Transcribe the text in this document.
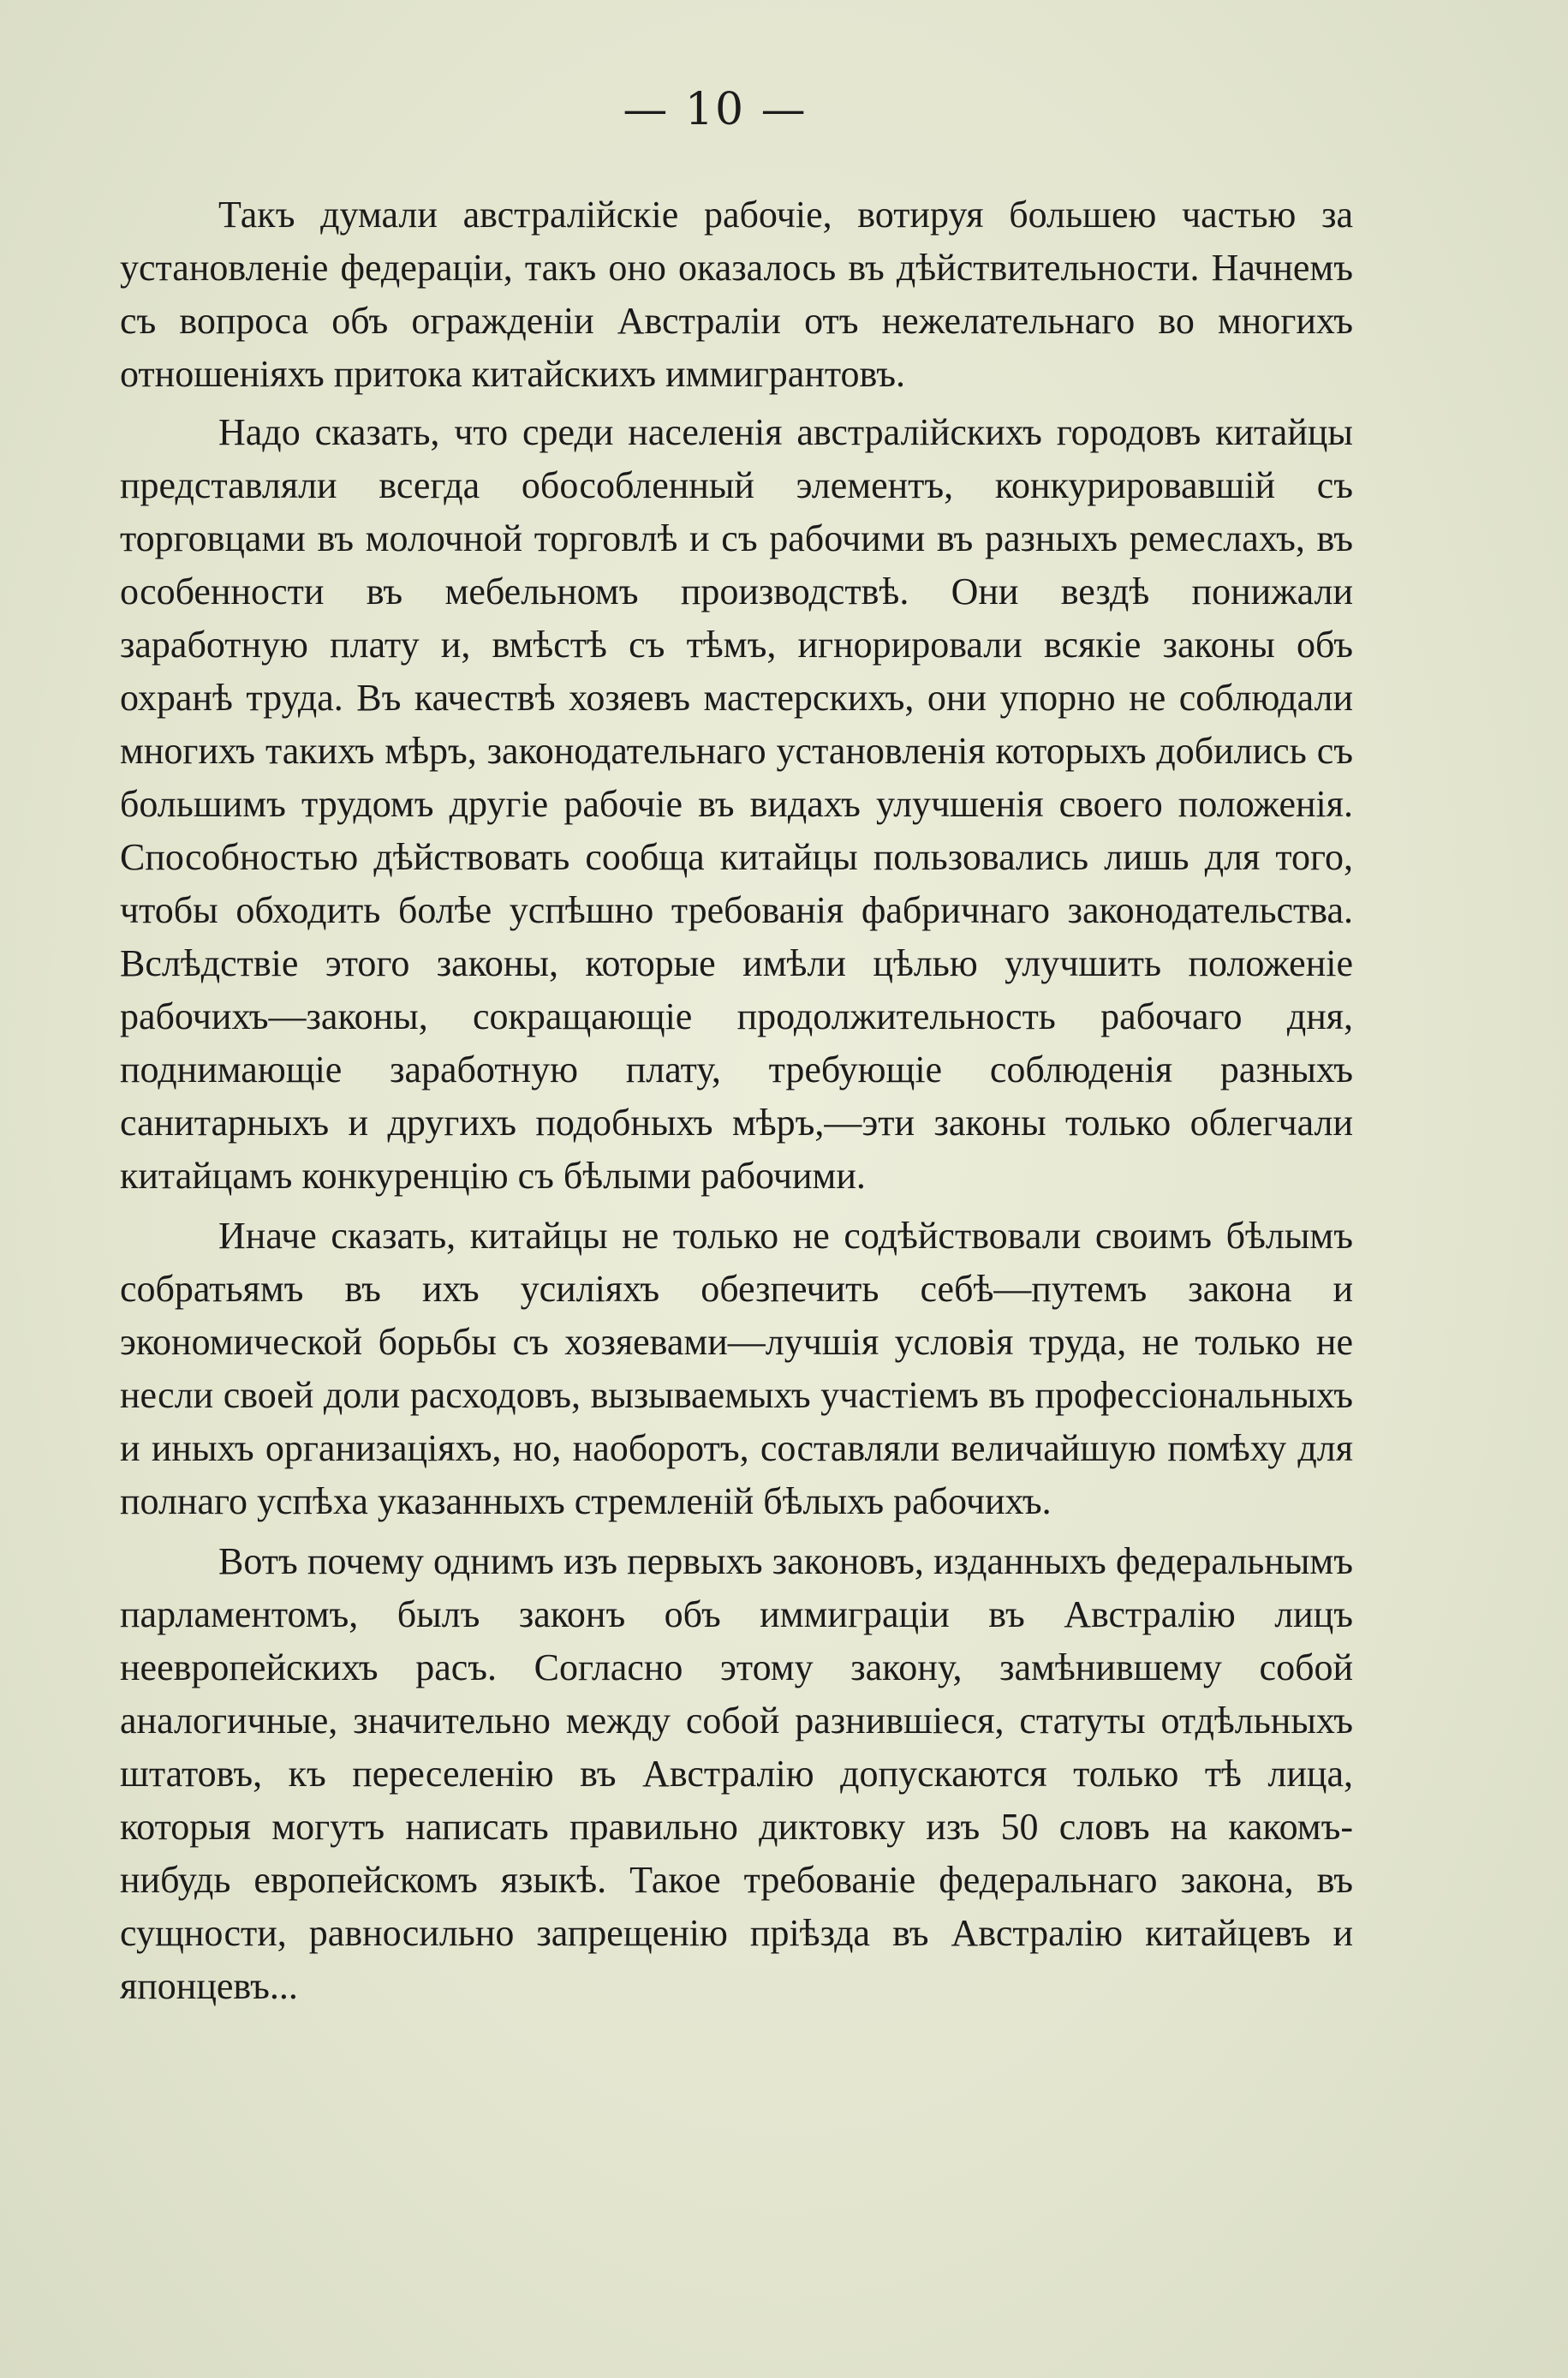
— 10 —

Такъ думали австралійскіе рабочіе, вотируя большею частью за установленіе федераціи, такъ оно оказалось въ дѣйствительности. Начнемъ съ вопроса объ огражденіи Австраліи отъ нежелательнаго во многихъ отношеніяхъ притока китайскихъ иммигрантовъ.

Надо сказать, что среди населенія австралійскихъ городовъ китайцы представляли всегда обособленный элементъ, конкурировавшій съ торговцами въ молочной торговлѣ и съ рабочими въ разныхъ ремеслахъ, въ особенности въ мебельномъ производствѣ. Они вездѣ понижали заработную плату и, вмѣстѣ съ тѣмъ, игнорировали всякіе законы объ охранѣ труда. Въ качествѣ хозяевъ мастерскихъ, они упорно не соблюдали многихъ такихъ мѣръ, законодательнаго установленія которыхъ добились съ большимъ трудомъ другіе рабочіе въ видахъ улучшенія своего положенія. Способностью дѣйствовать сообща китайцы пользовались лишь для того, чтобы обходить болѣе успѣшно требованія фабричнаго законодательства. Вслѣдствіе этого законы, которые имѣли цѣлью улучшить положеніе рабочихъ—законы, сокращающіе продолжительность рабочаго дня, поднимающіе заработную плату, требующіе соблюденія разныхъ санитарныхъ и другихъ подобныхъ мѣръ,—эти законы только облегчали китайцамъ конкуренцію съ бѣлыми рабочими.

Иначе сказать, китайцы не только не содѣйствовали своимъ бѣлымъ собратьямъ въ ихъ усиліяхъ обезпечить себѣ—путемъ закона и экономической борьбы съ хозяевами—лучшія условія труда, не только не несли своей доли расходовъ, вызываемыхъ участіемъ въ профессіональныхъ и иныхъ организаціяхъ, но, наоборотъ, составляли величайшую помѣху для полнаго успѣха указанныхъ стремленій бѣлыхъ рабочихъ.

Вотъ почему однимъ изъ первыхъ законовъ, изданныхъ федеральнымъ парламентомъ, былъ законъ объ иммиграціи въ Австралію лицъ неевропейскихъ расъ. Согласно этому закону, замѣнившему собой аналогичные, значительно между собой разнившіеся, статуты отдѣльныхъ штатовъ, къ переселенію въ Австралію допускаются только тѣ лица, которыя могутъ написать правильно диктовку изъ 50 словъ на какомъ-нибудь европейскомъ языкѣ. Такое требованіе федеральнаго закона, въ сущности, равносильно запрещенію пріѣзда въ Австралію китайцевъ и японцевъ...
